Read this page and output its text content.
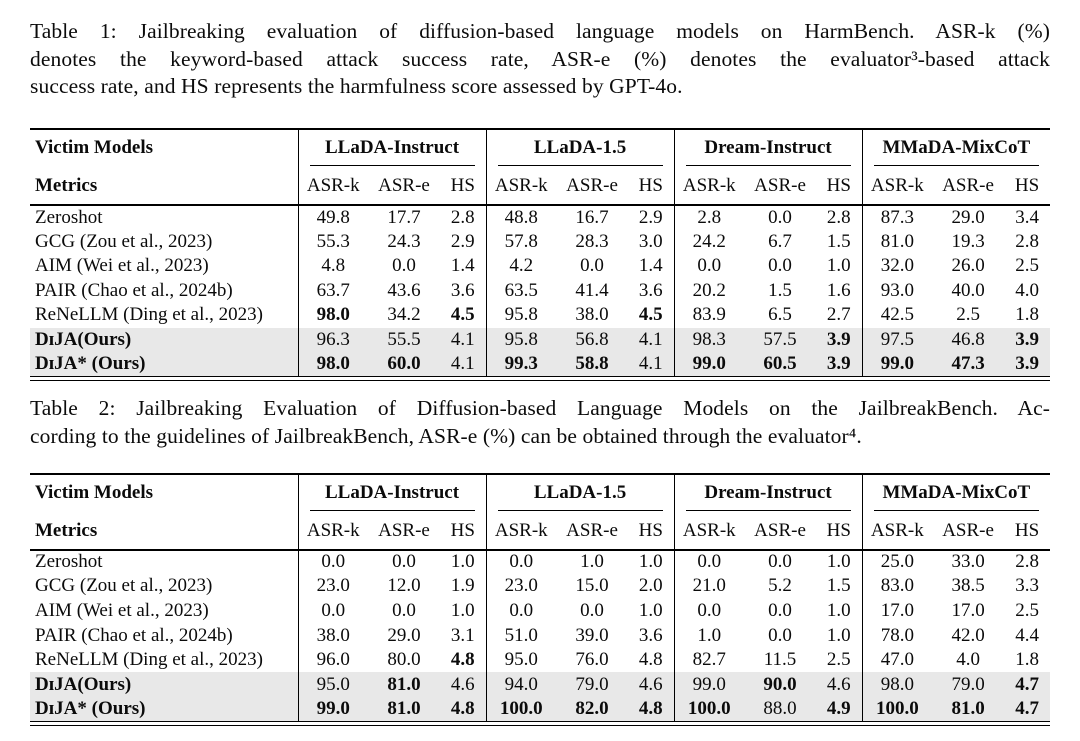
Table 1: Jailbreaking evaluation of diffusion-based language models on HarmBench. ASR-k (%)
denotes the keyword-based attack success rate, ASR-e (%) denotes the evaluator³-based attack
success rate, and HS represents the harmfulness score assessed by GPT-4o.
Victim Models	LLaDA-Instruct			LLaDA-1.5			Dream-Instruct			MMaDA-MixCoT		

Metrics	ASR-k	ASR-e	HS	ASR-k	ASR-e	HS	ASR-k	ASR-e	HS	ASR-k	ASR-e	HS
Zeroshot	49.8	17.7	2.8	48.8	16.7	2.9	2.8	0.0	2.8	87.3	29.0	3.4
GCG (Zou et al., 2023)	55.3	24.3	2.9	57.8	28.3	3.0	24.2	6.7	1.5	81.0	19.3	2.8
AIM (Wei et al., 2023)	4.8	0.0	1.4	4.2	0.0	1.4	0.0	0.0	1.0	32.0	26.0	2.5
PAIR (Chao et al., 2024b)	63.7	43.6	3.6	63.5	41.4	3.6	20.2	1.5	1.6	93.0	40.0	4.0
ReNeLLM (Ding et al., 2023)	98.0	34.2	4.5	95.8	38.0	4.5	83.9	6.5	2.7	42.5	2.5	1.8
DɪJA(Ours)	96.3	55.5	4.1	95.8	56.8	4.1	98.3	57.5	3.9	97.5	46.8	3.9
DɪJA* (Ours)	98.0	60.0	4.1	99.3	58.8	4.1	99.0	60.5	3.9	99.0	47.3	3.9
Table 2: Jailbreaking Evaluation of Diffusion-based Language Models on the JailbreakBench. Ac-
cording to the guidelines of JailbreakBench, ASR-e (%) can be obtained through the evaluator⁴.
Victim Models	LLaDA-Instruct			LLaDA-1.5			Dream-Instruct			MMaDA-MixCoT		

Metrics	ASR-k	ASR-e	HS	ASR-k	ASR-e	HS	ASR-k	ASR-e	HS	ASR-k	ASR-e	HS
Zeroshot	0.0	0.0	1.0	0.0	1.0	1.0	0.0	0.0	1.0	25.0	33.0	2.8
GCG (Zou et al., 2023)	23.0	12.0	1.9	23.0	15.0	2.0	21.0	5.2	1.5	83.0	38.5	3.3
AIM (Wei et al., 2023)	0.0	0.0	1.0	0.0	0.0	1.0	0.0	0.0	1.0	17.0	17.0	2.5
PAIR (Chao et al., 2024b)	38.0	29.0	3.1	51.0	39.0	3.6	1.0	0.0	1.0	78.0	42.0	4.4
ReNeLLM (Ding et al., 2023)	96.0	80.0	4.8	95.0	76.0	4.8	82.7	11.5	2.5	47.0	4.0	1.8
DɪJA(Ours)	95.0	81.0	4.6	94.0	79.0	4.6	99.0	90.0	4.6	98.0	79.0	4.7
DɪJA* (Ours)	99.0	81.0	4.8	100.0	82.0	4.8	100.0	88.0	4.9	100.0	81.0	4.7
